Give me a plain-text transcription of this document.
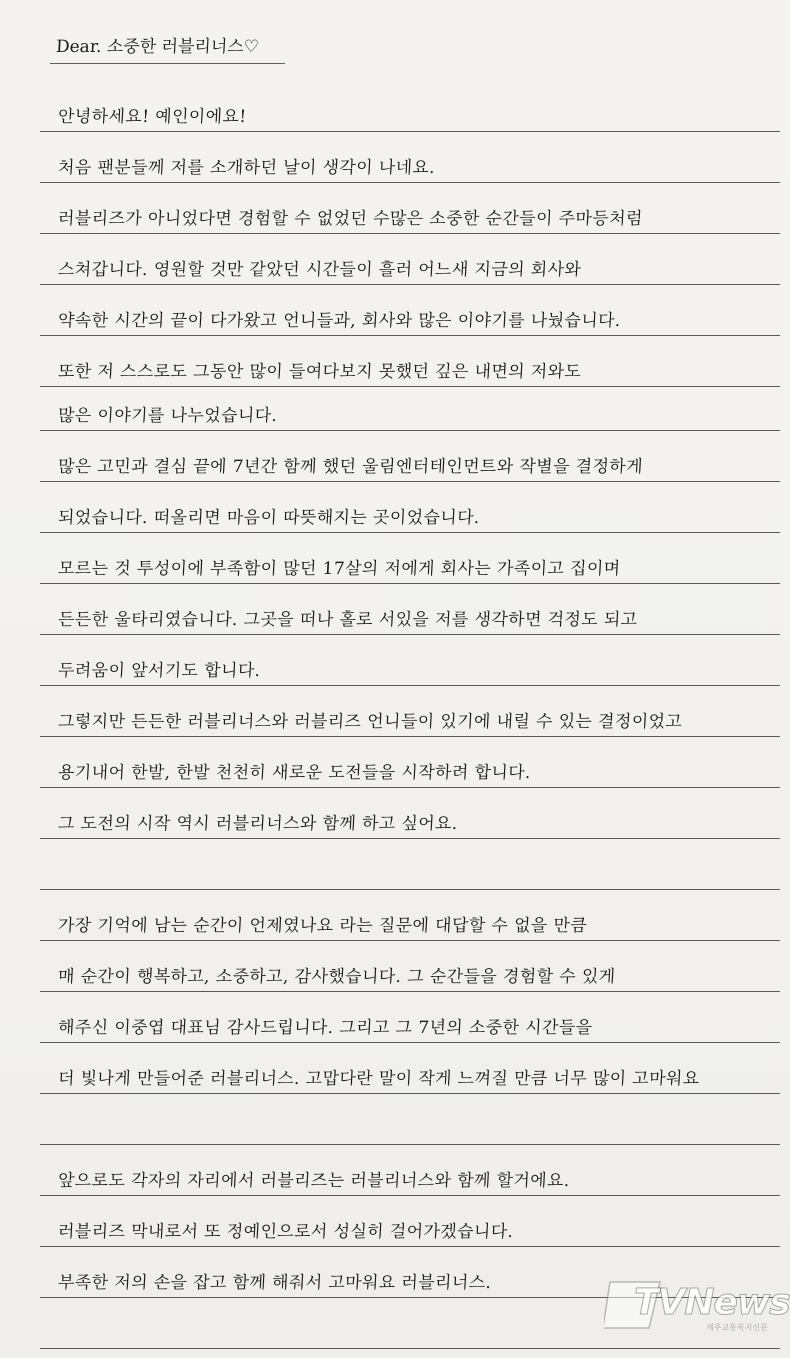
Dear. 소중한 러블리너스♡

안녕하세요! 예인이에요!

처음 팬분들께 저를 소개하던 날이 생각이 나네요.

러블리즈가 아니었다면 경험할 수 없었던 수많은 소중한 순간들이 주마등처럼

스쳐갑니다. 영원할 것만 같았던 시간들이 흘러 어느새 지금의 회사와

약속한 시간의 끝이 다가왔고 언니들과, 회사와 많은 이야기를 나눴습니다.

또한 저 스스로도 그동안 많이 들여다보지 못했던 깊은 내면의 저와도

많은 이야기를 나누었습니다.

많은 고민과 결심 끝에 7년간 함께 했던 울림엔터테인먼트와 작별을 결정하게

되었습니다. 떠올리면 마음이 따뜻해지는 곳이었습니다.

모르는 것 투성이에 부족함이 많던 17살의 저에게 회사는 가족이고 집이며

든든한 울타리였습니다. 그곳을 떠나 홀로 서있을 저를 생각하면 걱정도 되고

두려움이 앞서기도 합니다.

그렇지만 든든한 러블리너스와 러블리즈 언니들이 있기에 내릴 수 있는 결정이었고

용기내어 한발, 한발 천천히 새로운 도전들을 시작하려 합니다.

그 도전의 시작 역시 러블리너스와 함께 하고 싶어요.

가장 기억에 남는 순간이 언제였나요 라는 질문에 대답할 수 없을 만큼

매 순간이 행복하고, 소중하고, 감사했습니다. 그 순간들을 경험할 수 있게

해주신 이중엽 대표님 감사드립니다. 그리고 그 7년의 소중한 시간들을

더 빛나게 만들어준 러블리너스. 고맙다란 말이 작게 느껴질 만큼 너무 많이 고마워요

앞으로도 각자의 자리에서 러블리즈는 러블리너스와 함께 할거에요.

러블리즈 막내로서 또 정예인으로서 성실히 걸어가겠습니다.

부족한 저의 손을 잡고 함께 해줘서 고마워요 러블리너스.	TVNews
제주교통복지신문
